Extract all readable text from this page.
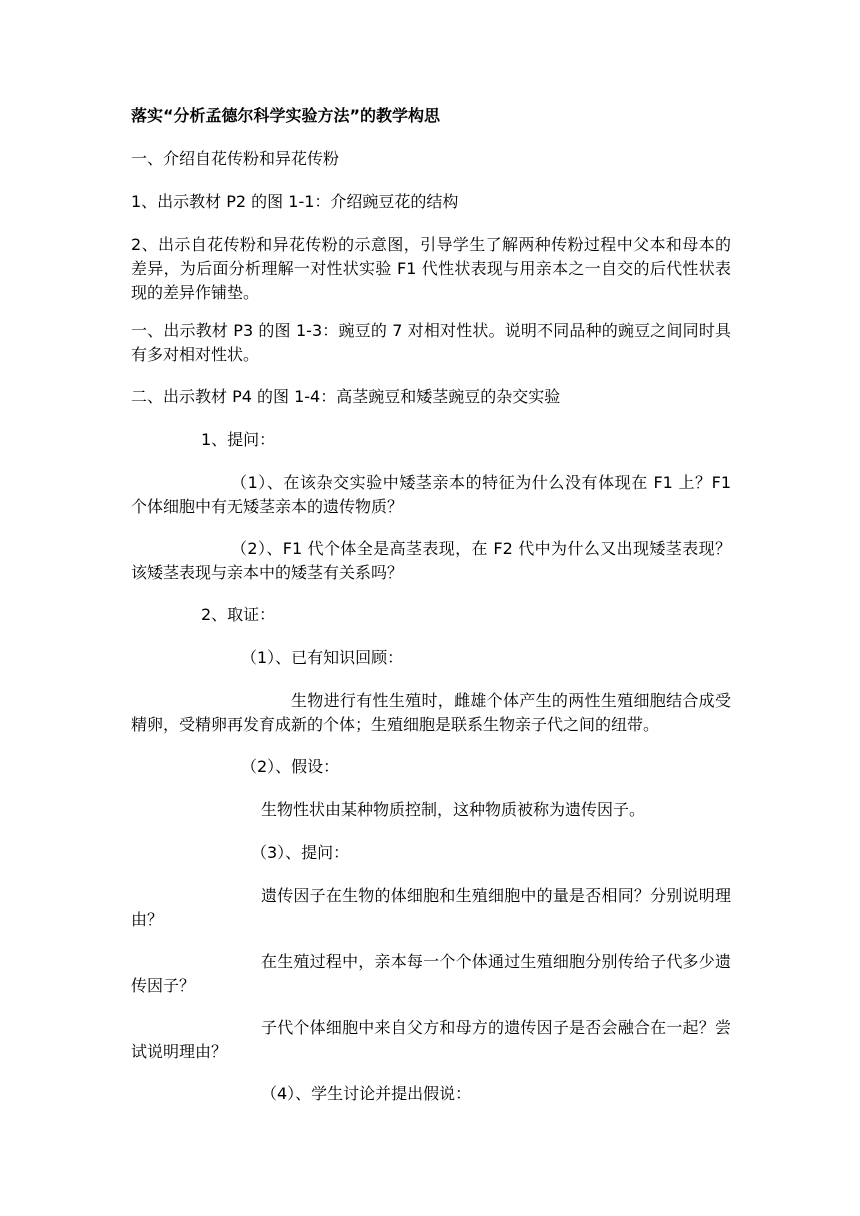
落实“分析孟德尔科学实验方法”的教学构思

一、介绍自花传粉和异花传粉

1、出示教材 P2 的图 1-1：介绍豌豆花的结构

2、出示自花传粉和异花传粉的示意图，引导学生了解两种传粉过程中父本和母本的差异，为后面分析理解一对性状实验 F1 代性状表现与用亲本之一自交的后代性状表现的差异作铺垫。

一、出示教材 P3 的图 1-3：豌豆的 7 对相对性状。说明不同品种的豌豆之间同时具有多对相对性状。

二、出示教材 P4 的图 1-4：高茎豌豆和矮茎豌豆的杂交实验

1、提问：

（1）、在该杂交实验中矮茎亲本的特征为什么没有体现在 F1 上？F1 个体细胞中有无矮茎亲本的遗传物质？

（2）、F1 代个体全是高茎表现，在 F2 代中为什么又出现矮茎表现？该矮茎表现与亲本中的矮茎有关系吗？

2、取证：

（1）、已有知识回顾：

生物进行有性生殖时，雌雄个体产生的两性生殖细胞结合成受精卵，受精卵再发育成新的个体；生殖细胞是联系生物亲子代之间的纽带。

（2）、假设：

生物性状由某种物质控制，这种物质被称为遗传因子。

（3）、提问：

遗传因子在生物的体细胞和生殖细胞中的量是否相同？分别说明理由？

在生殖过程中，亲本每一个个体通过生殖细胞分别传给子代多少遗传因子？

子代个体细胞中来自父方和母方的遗传因子是否会融合在一起？尝试说明理由？

（4）、学生讨论并提出假说：
